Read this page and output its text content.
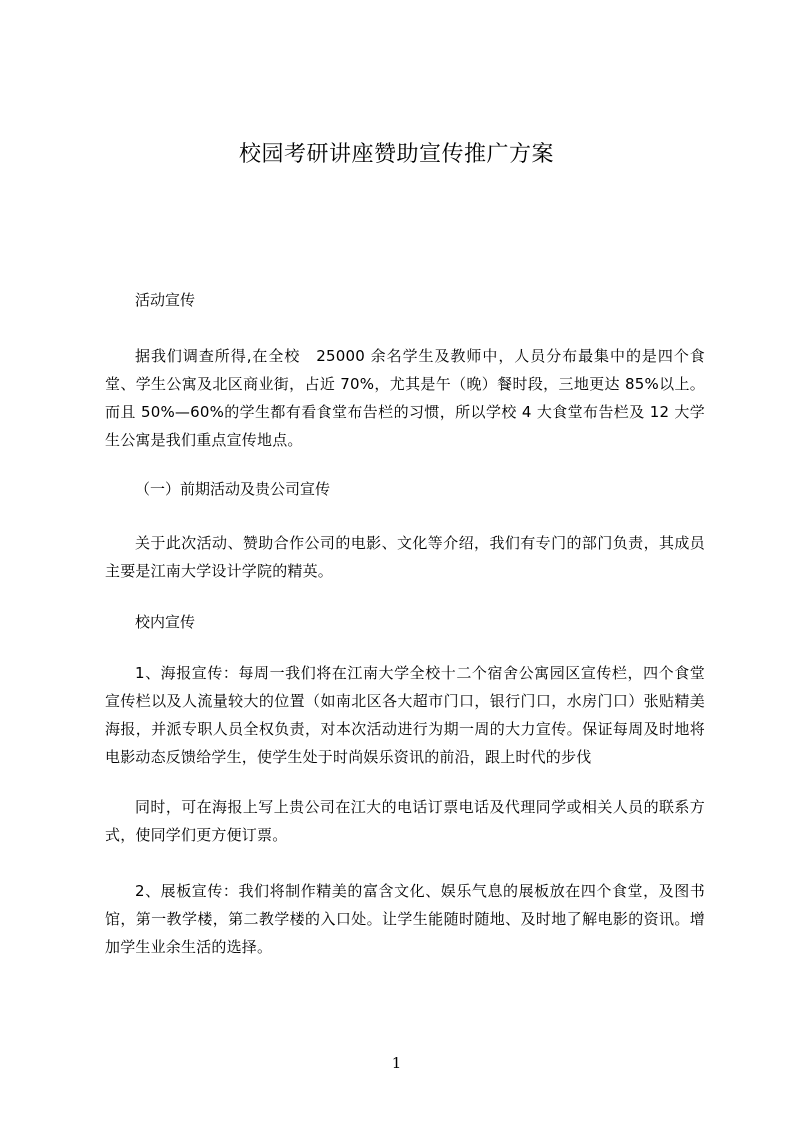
校园考研讲座赞助宣传推广方案
活动宣传

据我们调查所得,在全校　25000 余名学生及教师中，人员分布最集中的是四个食堂、学生公寓及北区商业街，占近 70%，尤其是午（晚）餐时段，三地更达 85%以上。而且 50%—60%的学生都有看食堂布告栏的习惯，所以学校 4 大食堂布告栏及 12 大学生公寓是我们重点宣传地点。

（一）前期活动及贵公司宣传

关于此次活动、赞助合作公司的电影、文化等介绍，我们有专门的部门负责，其成员主要是江南大学设计学院的精英。

校内宣传

1、海报宣传：每周一我们将在江南大学全校十二个宿舍公寓园区宣传栏，四个食堂宣传栏以及人流量较大的位置（如南北区各大超市门口，银行门口，水房门口）张贴精美海报，并派专职人员全权负责，对本次活动进行为期一周的大力宣传。保证每周及时地将电影动态反馈给学生，使学生处于时尚娱乐资讯的前沿，跟上时代的步伐

同时，可在海报上写上贵公司在江大的电话订票电话及代理同学或相关人员的联系方式，使同学们更方便订票。

2、展板宣传：我们将制作精美的富含文化、娱乐气息的展板放在四个食堂，及图书馆，第一教学楼，第二教学楼的入口处。让学生能随时随地、及时地了解电影的资讯。增加学生业余生活的选择。

1
